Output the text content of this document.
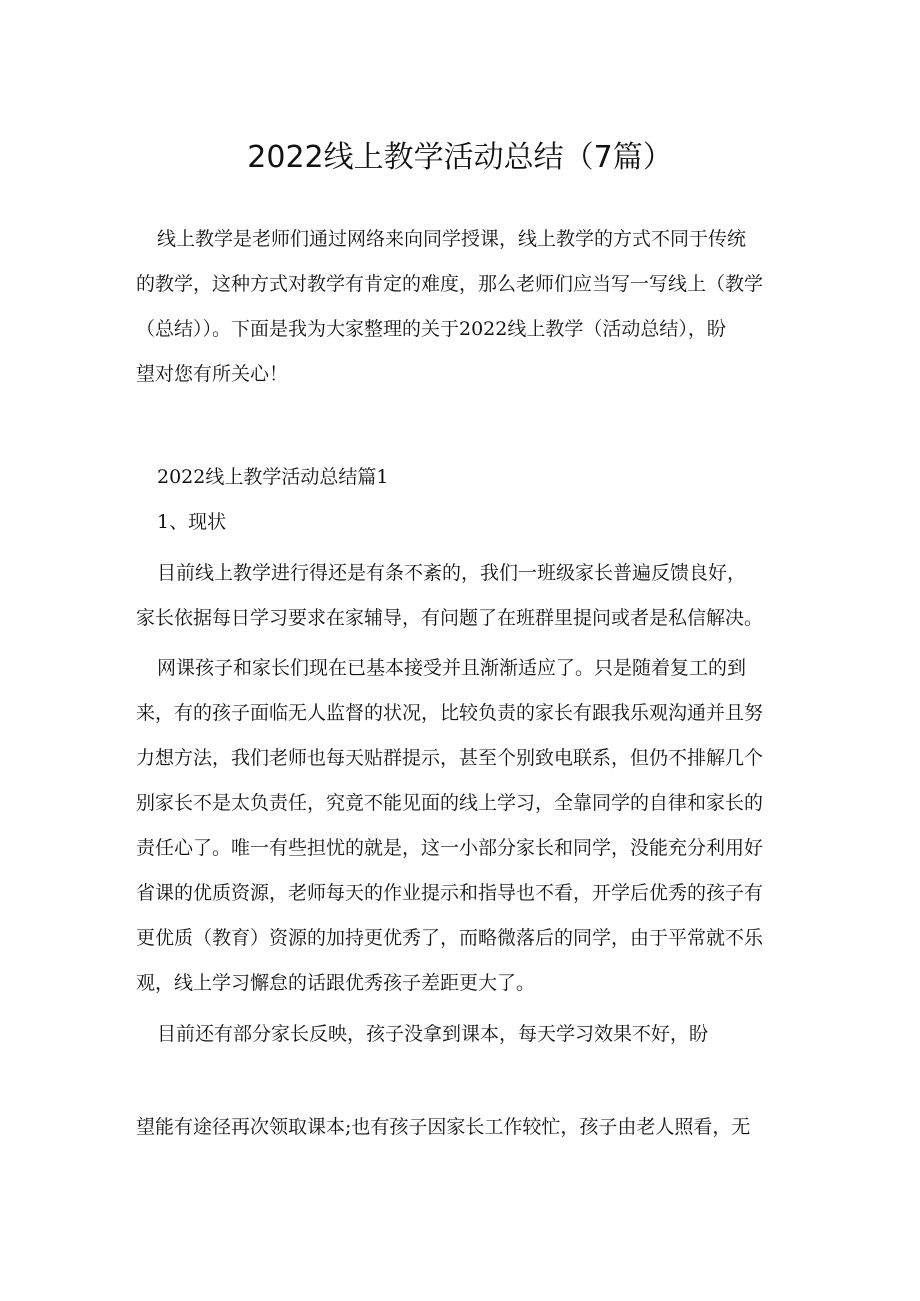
2022线上教学活动总结（7篇）
线上教学是老师们通过网络来向同学授课，线上教学的方式不同于传统
的教学，这种方式对教学有肯定的难度，那么老师们应当写一写线上（教学
（总结））。下面是我为大家整理的关于2022线上教学（活动总结），盼
望对您有所关心！
2022线上教学活动总结篇1
1、现状
目前线上教学进行得还是有条不紊的，我们一班级家长普遍反馈良好，
家长依据每日学习要求在家辅导，有问题了在班群里提问或者是私信解决。
网课孩子和家长们现在已基本接受并且渐渐适应了。只是随着复工的到
来，有的孩子面临无人监督的状况，比较负责的家长有跟我乐观沟通并且努
力想方法，我们老师也每天贴群提示，甚至个别致电联系，但仍不排解几个
别家长不是太负责任，究竟不能见面的线上学习，全靠同学的自律和家长的
责任心了。唯一有些担忧的就是，这一小部分家长和同学，没能充分利用好
省课的优质资源，老师每天的作业提示和指导也不看，开学后优秀的孩子有
更优质（教育）资源的加持更优秀了，而略微落后的同学，由于平常就不乐
观，线上学习懈怠的话跟优秀孩子差距更大了。
目前还有部分家长反映，孩子没拿到课本，每天学习效果不好，盼
望能有途径再次领取课本;也有孩子因家长工作较忙，孩子由老人照看，无
